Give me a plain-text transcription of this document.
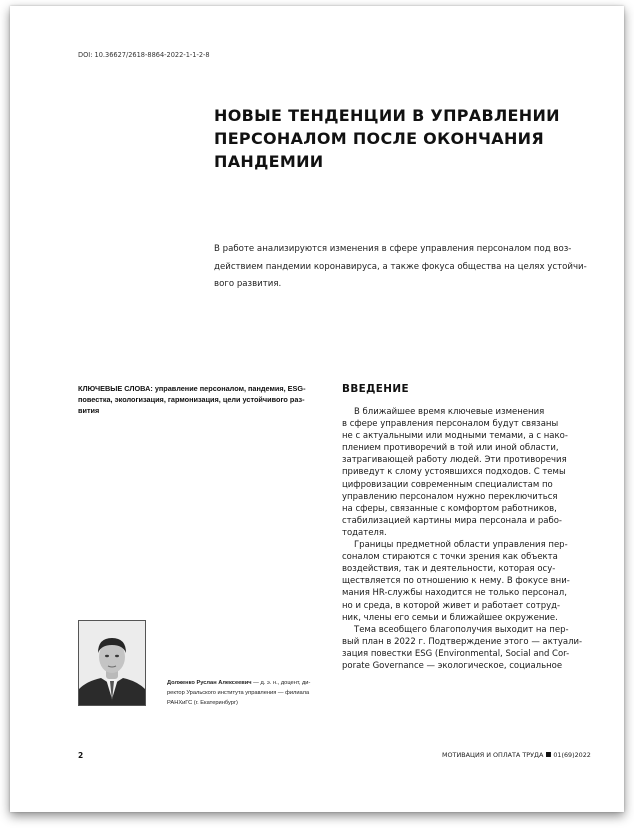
DOI: 10.36627/2618-8864-2022-1-1-2-8
НОВЫЕ ТЕНДЕНЦИИ В УПРАВЛЕНИИ
ПЕРСОНАЛОМ ПОСЛЕ ОКОНЧАНИЯ
ПАНДЕМИИ
В работе анализируются изменения в сфере управления персоналом под воз-
действием пандемии коронавируса, а также фокуса общества на целях устойчи-
вого развития.
КЛЮЧЕВЫЕ СЛОВА: управление персоналом, пандемия, ESG-
повестка, экологизация, гармонизация, цели устойчивого раз-
вития
ВВЕДЕНИЕ
В ближайшее время ключевые изменения
в сфере управления персоналом будут связаны
не с актуальными или модными темами, а с нако-
плением противоречий в той или иной области,
затрагивающей работу людей. Эти противоречия
приведут к слому устоявшихся подходов. С темы
цифровизации современным специалистам по
управлению персоналом нужно переключиться
на сферы, связанные с комфортом работников,
стабилизацией картины мира персонала и рабо-
тодателя.
Границы предметной области управления пер-
соналом стираются с точки зрения как объекта
воздействия, так и деятельности, которая осу-
ществляется по отношению к нему. В фокусе вни-
мания HR-службы находится не только персонал,
но и среда, в которой живет и работает сотруд-
ник, члены его семьи и ближайшее окружение.
Тема всеобщего благополучия выходит на пер-
вый план в 2022 г. Подтверждение этого — актуали-
зация повестки ESG (Environmental, Social and Cor-
porate Governance — экологическое, социальное
Долженко Руслан Алексеевич — д. э. н., доцент, ди-
ректор Уральского института управления — филиала
РАНХиГС (г. Екатеринбург)
2	МОТИВАЦИЯ И ОПЛАТА ТРУДА 01(69)2022
